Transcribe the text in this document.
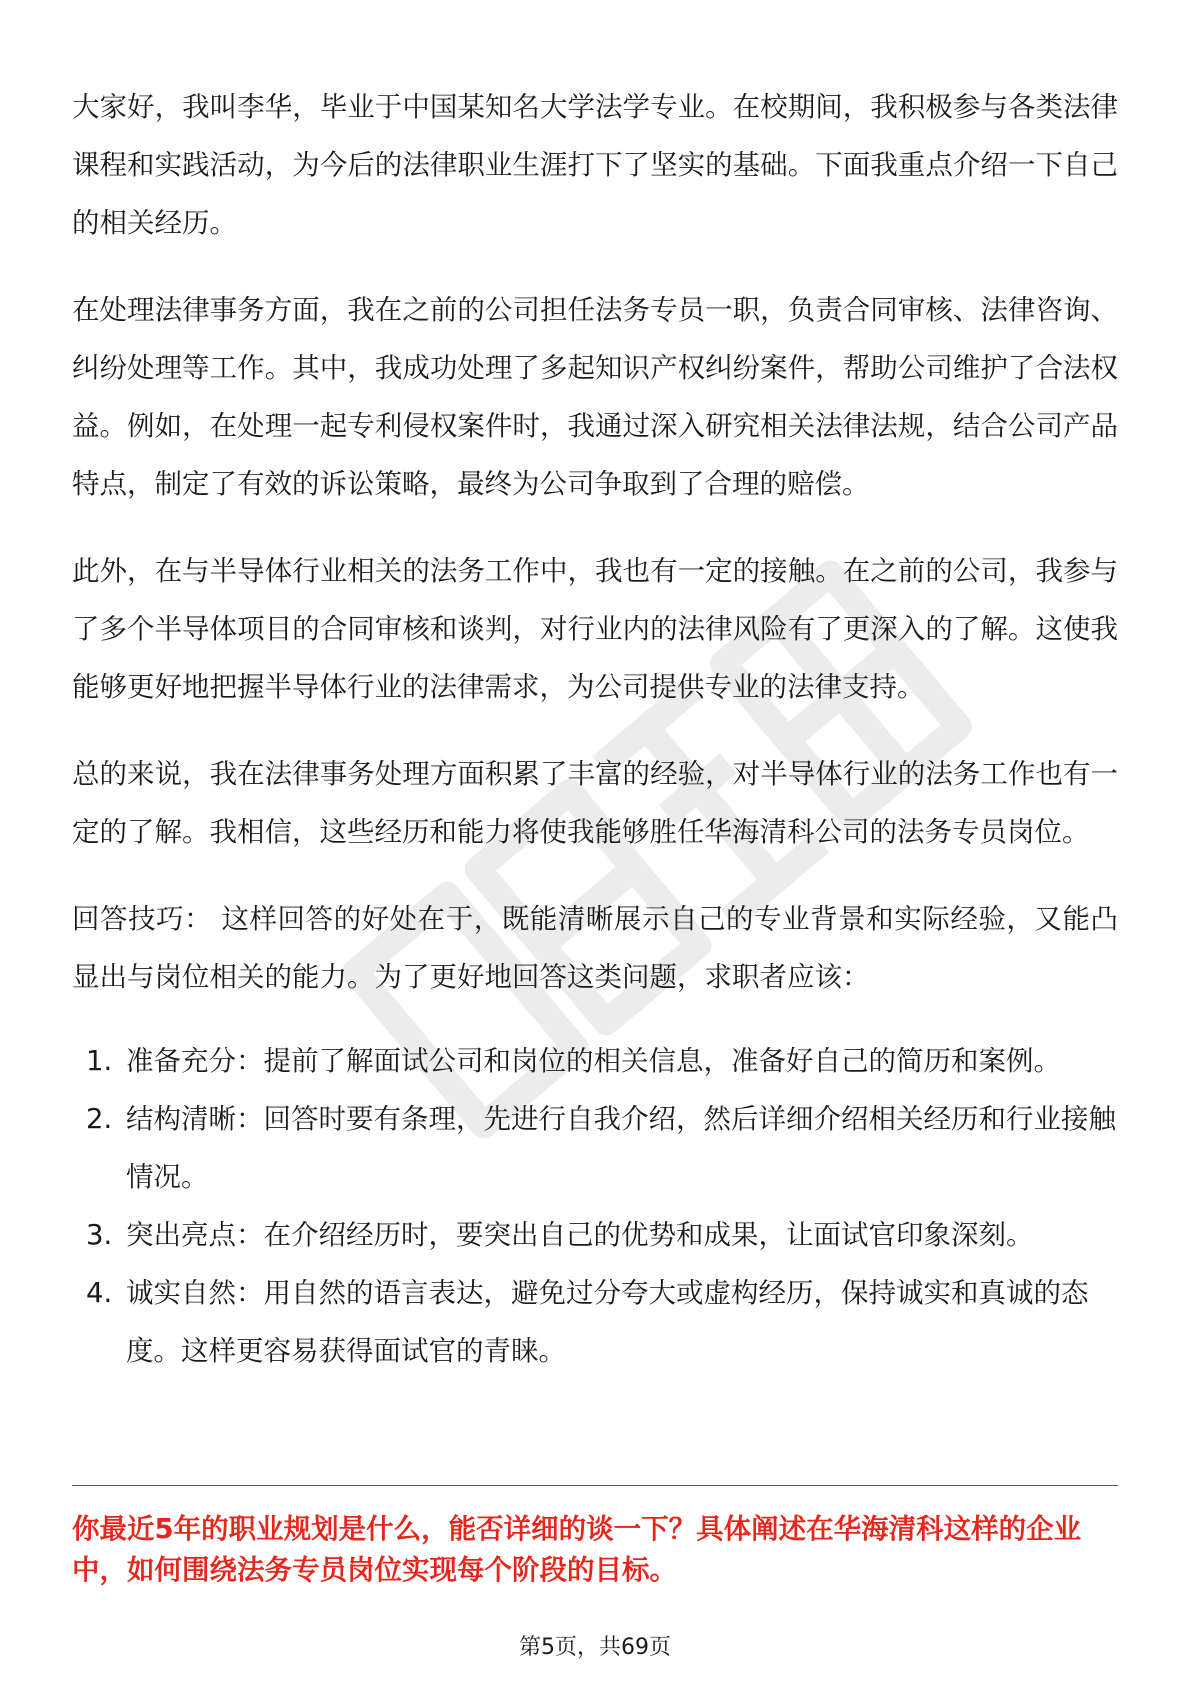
大家好，我叫李华，毕业于中国某知名大学法学专业。在校期间，我积极参与各类法律课程和实践活动，为今后的法律职业生涯打下了坚实的基础。下面我重点介绍一下自己的相关经历。

在处理法律事务方面，我在之前的公司担任法务专员一职，负责合同审核、法律咨询、纠纷处理等工作。其中，我成功处理了多起知识产权纠纷案件，帮助公司维护了合法权益。例如，在处理一起专利侵权案件时，我通过深入研究相关法律法规，结合公司产品特点，制定了有效的诉讼策略，最终为公司争取到了合理的赔偿。

此外，在与半导体行业相关的法务工作中，我也有一定的接触。在之前的公司，我参与了多个半导体项目的合同审核和谈判，对行业内的法律风险有了更深入的了解。这使我能够更好地把握半导体行业的法律需求，为公司提供专业的法律支持。

总的来说，我在法律事务处理方面积累了丰富的经验，对半导体行业的法务工作也有一定的了解。我相信，这些经历和能力将使我能够胜任华海清科公司的法务专员岗位。

回答技巧： 这样回答的好处在于，既能清晰展示自己的专业背景和实际经验，又能凸显出与岗位相关的能力。为了更好地回答这类问题，求职者应该：

1. 准备充分：提前了解面试公司和岗位的相关信息，准备好自己的简历和案例。
2. 结构清晰：回答时要有条理，先进行自我介绍，然后详细介绍相关经历和行业接触情况。
3. 突出亮点：在介绍经历时，要突出自己的优势和成果，让面试官印象深刻。
4. 诚实自然：用自然的语言表达，避免过分夸大或虚构经历，保持诚实和真诚的态度。这样更容易获得面试官的青睐。
你最近5年的职业规划是什么，能否详细的谈一下？具体阐述在华海清科这样的企业中，如何围绕法务专员岗位实现每个阶段的目标。
第5页，共69页
